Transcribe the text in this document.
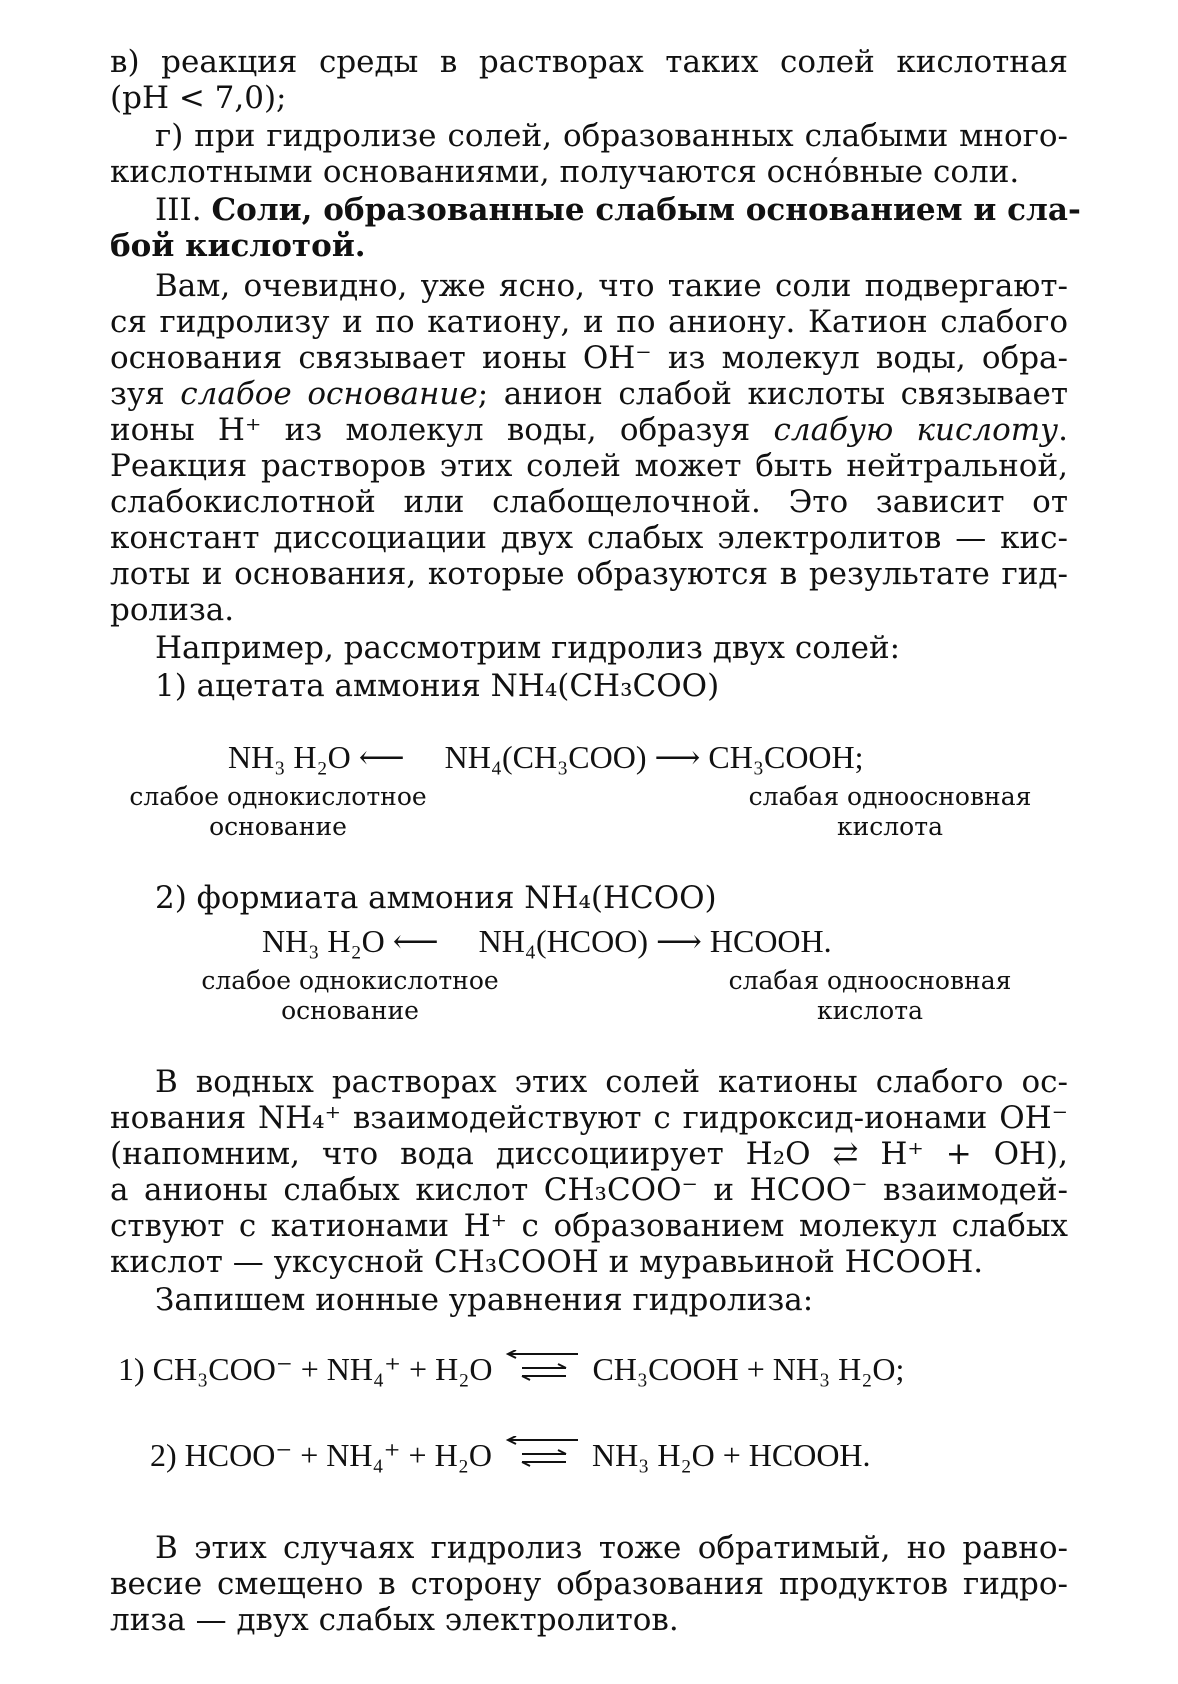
в) реакция среды в растворах таких солей кислотная
(pH < 7,0);
г) при гидролизе солей, образованных слабыми много-
кислотными основаниями, получаются осно́вные соли.
III. Соли, образованные слабым основанием и сла-
бой кислотой.
Вам, очевидно, уже ясно, что такие соли подвергают-
ся гидролизу и по катиону, и по аниону. Катион слабого
основания связывает ионы OH⁻ из молекул воды, обра-
зуя слабое основание; анион слабой кислоты связывает
ионы H⁺ из молекул воды, образуя слабую кислоту.
Реакция растворов этих солей может быть нейтральной,
слабокислотной или слабощелочной. Это зависит от
констант диссоциации двух слабых электролитов — кис-
лоты и основания, которые образуются в результате гид-
ролиза.
Например, рассмотрим гидролиз двух солей:
1) ацетата аммония NH₄(CH₃COO)
NH₃ H₂O ⟵ NH₄(CH₃COO) ⟶ CH₃COOH;
слабое однокислотное
основание
слабая одноосновная
кислота
2) формиата аммония NH₄(HCOO)
NH₃ H₂O ⟵ NH₄(HCOO) ⟶ HCOOH.
слабое однокислотное
основание
слабая одноосновная
кислота
В водных растворах этих солей катионы слабого ос-
нования NH₄⁺ взаимодействуют с гидроксид-ионами OH⁻
(напомним, что вода диссоциирует H₂O ⇄ H⁺ + OH),
а анионы слабых кислот CH₃COO⁻ и HCOO⁻ взаимодей-
ствуют с катионами H⁺ с образованием молекул слабых
кислот — уксусной CH₃COOH и муравьиной HCOOH.
Запишем ионные уравнения гидролиза:
1) CH₃COO⁻ + NH₄⁺ + H₂O	CH₃COOH + NH₃ H₂O;
2) HCOO⁻ + NH₄⁺ + H₂O	NH₃ H₂O + HCOOH.
В этих случаях гидролиз тоже обратимый, но равно-
весие смещено в сторону образования продуктов гидро-
лиза — двух слабых электролитов.
